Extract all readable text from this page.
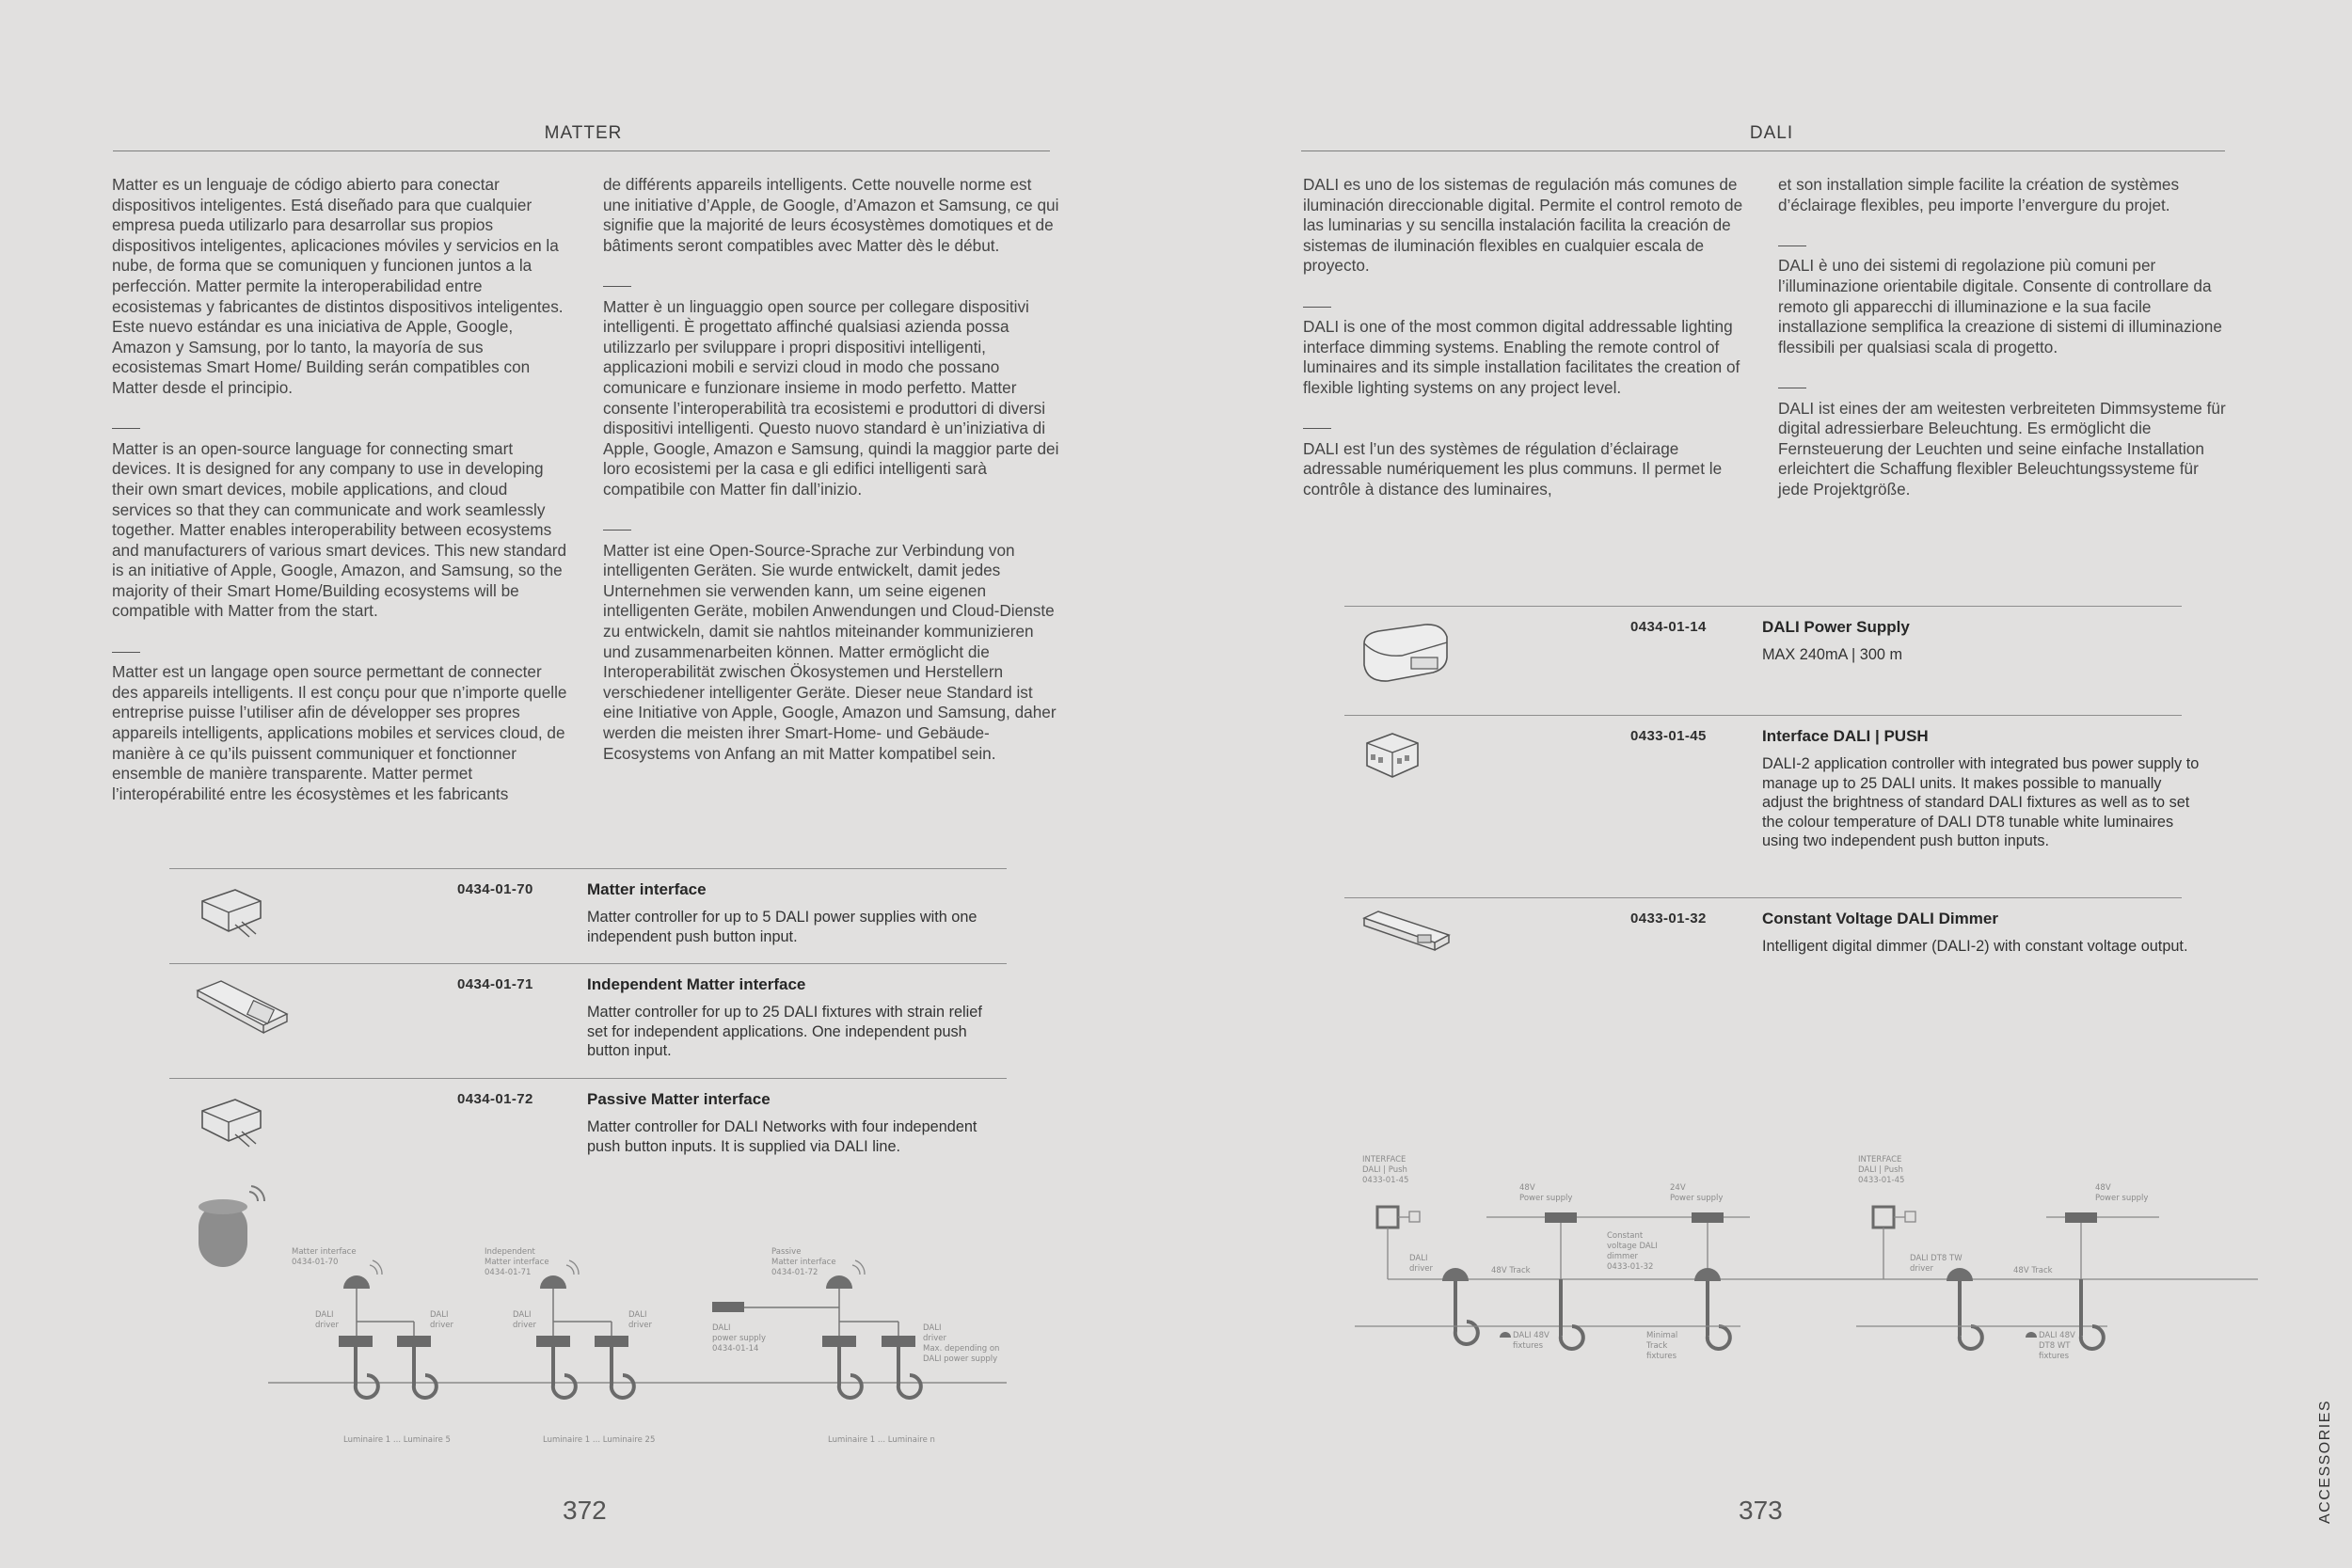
MATTER

Matter es un lenguaje de código abierto para conectar dispositivos inteligentes. Está diseñado para que cualquier empresa pueda utilizarlo para desarrollar sus propios dispositivos inteligentes, aplicaciones móviles y servicios en la nube, de forma que se comuniquen y funcionen juntos a la perfección. Matter permite la interoperabilidad entre ecosistemas y fabricantes de distintos dispositivos inteligentes. Este nuevo estándar es una iniciativa de Apple, Google, Amazon y Samsung, por lo tanto, la mayoría de sus ecosistemas Smart Home/ Building serán compatibles con Matter desde el principio.

Matter is an open-source language for connecting smart devices. It is designed for any company to use in developing their own smart devices, mobile applications, and cloud services so that they can communicate and work seamlessly together. Matter enables interoperability between ecosystems and manufacturers of various smart devices. This new standard is an initiative of Apple, Google, Amazon, and Samsung, so the majority of their Smart Home/Building ecosystems will be compatible with Matter from the start.

Matter est un langage open source permettant de connecter des appareils intelligents. Il est conçu pour que n’importe quelle entreprise puisse l’utiliser afin de développer ses propres appareils intelligents, applications mobiles et services cloud, de manière à ce qu’ils puissent communiquer et fonctionner ensemble de manière transparente. Matter permet l’interopérabilité entre les écosystèmes et les fabricants

de différents appareils intelligents. Cette nouvelle norme est une initiative d’Apple, de Google, d’Amazon et Samsung, ce qui signifie que la majorité de leurs écosystèmes domotiques et de bâtiments seront compatibles avec Matter dès le début.

Matter è un linguaggio open source per collegare dispositivi intelligenti. È progettato affinché qualsiasi azienda possa utilizzarlo per sviluppare i propri dispositivi intelligenti, applicazioni mobili e servizi cloud in modo che possano comunicare e funzionare insieme in modo perfetto. Matter consente l’interoperabilità tra ecosistemi e produttori di diversi dispositivi intelligenti. Questo nuovo standard è un’iniziativa di Apple, Google, Amazon e Samsung, quindi la maggior parte dei loro ecosistemi per la casa e gli edifici intelligenti sarà compatibile con Matter fin dall’inizio.

Matter ist eine Open-Source-Sprache zur Verbindung von intelligenten Geräten. Sie wurde entwickelt, damit jedes Unternehmen sie verwenden kann, um seine eigenen intelligenten Geräte, mobilen Anwendungen und Cloud-Dienste zu entwickeln, damit sie nahtlos miteinander kommunizieren und zusammenarbeiten können. Matter ermöglicht die Interoperabilität zwischen Ökosystemen und Herstellern verschiedener intelligenter Geräte. Dieser neue Standard ist eine Initiative von Apple, Google, Amazon und Samsung, daher werden die meisten ihrer Smart-Home- und Gebäude-Ecosystems von Anfang an mit Matter kompatibel sein.

0434-01-70	Matter interface
Matter controller for up to 5 DALI power supplies with one independent push button input.
0434-01-71	Independent Matter interface
Matter controller for up to 25 DALI fixtures with strain relief set for independent applications. One independent push button input.
0434-01-72	Passive Matter interface
Matter controller for DALI Networks with four independent push button inputs. It is supplied via DALI line.
Matter interface
0434-01-70
DALI
driver
DALI
driver
Luminaire 1 ... Luminaire 5
Independent
Matter interface
0434-01-71
DALI
driver
DALI
driver
Luminaire 1 ... Luminaire 25
Passive
Matter interface
0434-01-72
DALI
power supply
0434-01-14
DALI
driver
Max. depending on
DALI power supply
Luminaire 1 ... Luminaire n
372
DALI

DALI es uno de los sistemas de regulación más comunes de iluminación direccionable digital. Permite el control remoto de las luminarias y su sencilla instalación facilita la creación de sistemas de iluminación flexibles en cualquier escala de proyecto.

DALI is one of the most common digital addressable lighting interface dimming systems. Enabling the remote control of luminaires and its simple installation facilitates the creation of flexible lighting systems on any project level.

DALI est l’un des systèmes de régulation d’éclairage adressable numériquement les plus communs. Il permet le contrôle à distance des luminaires,

et son installation simple facilite la création de systèmes d’éclairage flexibles, peu importe l’envergure du projet.

DALI è uno dei sistemi di regolazione più comuni per l’illuminazione orientabile digitale. Consente di controllare da remoto gli apparecchi di illuminazione e la sua facile installazione semplifica la creazione di sistemi di illuminazione flessibili per qualsiasi scala di progetto.

DALI ist eines der am weitesten verbreiteten Dimmsysteme für digital adressierbare Beleuchtung. Es ermöglicht die Fernsteuerung der Leuchten und seine einfache Installation erleichtert die Schaffung flexibler Beleuchtungssysteme für jede Projektgröße.

0434-01-14	DALI Power Supply
MAX 240mA | 300 m
0433-01-45	Interface DALI | PUSH
DALI-2 application controller with integrated bus power supply to manage up to 25 DALI units. It makes possible to manually adjust the brightness of standard DALI fixtures as well as to set the colour temperature of DALI DT8 tunable white luminaires using two independent push button inputs.
0433-01-32	Constant Voltage DALI Dimmer
Intelligent digital dimmer (DALI-2) with constant voltage output.
INTERFACE
DALI | Push
0433-01-45
DALI
driver
48V
Power supply
48V Track
DALI 48V
fixtures
24V
Power supply
Constant
voltage DALI
dimmer
0433-01-32
Minimal
Track
fixtures
INTERFACE
DALI | Push
0433-01-45
DALI DT8 TW
driver
48V
Power supply
48V Track
DALI 48V
DT8 WT
fixtures
373	ACCESSORIES
